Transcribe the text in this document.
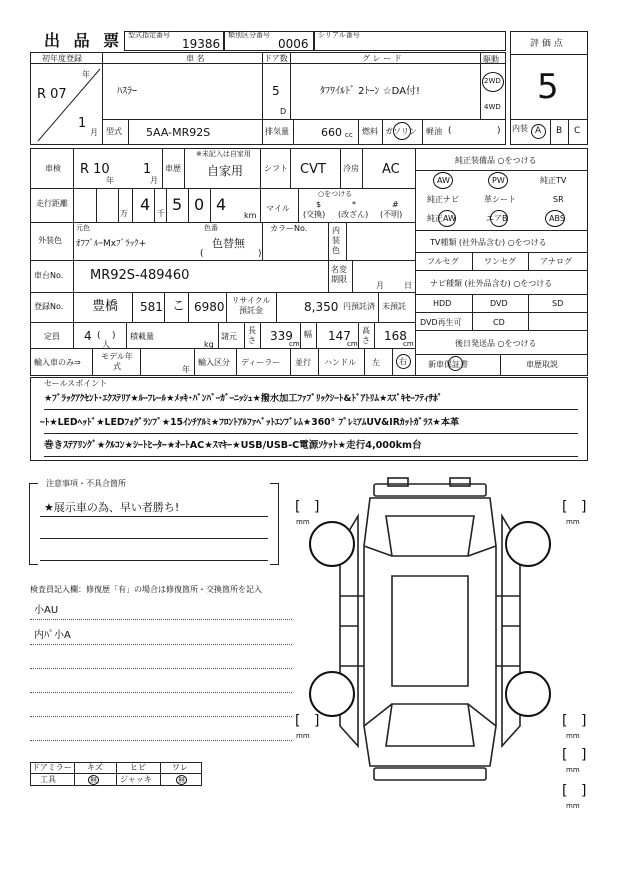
出 品 票 型式指定番号
19386
類別区分番号
0006
シリアル番号
評 価 点
5
内装 A B C
初年度登録
年
R 07
1
月
車 名
ﾊｽﾗｰ
ドア数
5
D
グ レ ー ド
ﾀﾌﾜｲﾙﾄﾞ 2ﾄｰﾝ ☆DA付!
駆動
2WD
4WD
型式 5AA-MR92S	排気量	660 cc 燃料 ガソリン 軽油 (	)
車検 R 10
年
1
月
車歴
※未記入は自家用
自家用	シフト CVT 冷房 AC
走行距離
万 4 千 5 0 4
km
マイル
○をつける
$
(交換)
*
(改ざん)
#
(不明)
外装色
元色	色番
ｵﾌﾌﾞﾙｰMxﾌﾞﾗｯｸ+	色替無
(	)
カラーNo.	内装色
車台No. MR92S-489460	名変期限
月	日
登録No. 豊橋 581 こ 6980 リサイクル預託金	8,350 円預託済 未預託
定員 4 ( )
人
積載量
kg
諸元
長さ 339
cm
幅 147
cm
高さ 168
cm
輸入車のみ⇒
モデル年式	年
輸入区分 ディーラー 並行 ハンドル 左 右
純正装備品 ○をつける
AW	PW	純正TV
純正ナビ	革シート	SR
純正AW	エアB	ABS
TV種類 (社外品含む) ○をつける
フルセグ	ワンセグ	アナログ
ナビ種類 (社外品含む) ○をつける
HDD	DVD	SD
DVD再生可	CD
後日発送品 ○をつける
新車保証書	車歴取説
セールスポイント
★ﾌﾞﾗｯｸｱｸｾﾝﾄ･ｴｸｽﾃﾘｱ★ﾙｰﾌﾚｰﾙ★ﾒｯｷ･ﾊﾞﾝﾊﾟｰｶﾞｰﾆｯｼｭ★撥水加工ﾌｧﾌﾞﾘｯｸｼｰﾄ&ﾄﾞｱﾄﾘﾑ★ｽｽﾞｷｾｰﾌﾃｨｻﾎﾟ
ｰﾄ★LEDﾍｯﾄﾞ★LEDﾌｫｸﾞﾗﾝﾌﾟ★15ｲﾝﾁｱﾙﾐ★ﾌﾛﾝﾄｱﾙﾌｧﾍﾞｯﾄｴﾝﾌﾞﾚﾑ★360° ﾌﾟﾚﾐｱﾑUV&IRｶｯﾄｶﾞﾗｽ★本革
巻きｽﾃｱﾘﾝｸﾞ★ｸﾙｺﾝ★ｼｰﾄﾋｰﾀｰ★ｵｰﾄAC★ｽﾏｷｰ★USB/USB-C電源ｿｹｯﾄ★走行4,000km台
注意事項・不具合箇所
★展示車の為、早い者勝ち!
検査員記入欄：修復歴「有」の場合は修復箇所・交換箇所を記入
小AU
内ﾊﾟ小A
ドアミラー キズ	ヒビ	ワレ
工具	無	ジャッキ	無
[ ]
mm
[ ]
mm
[ ]
mm
[ ]
mm
[ ]
mm
[ ]
mm
